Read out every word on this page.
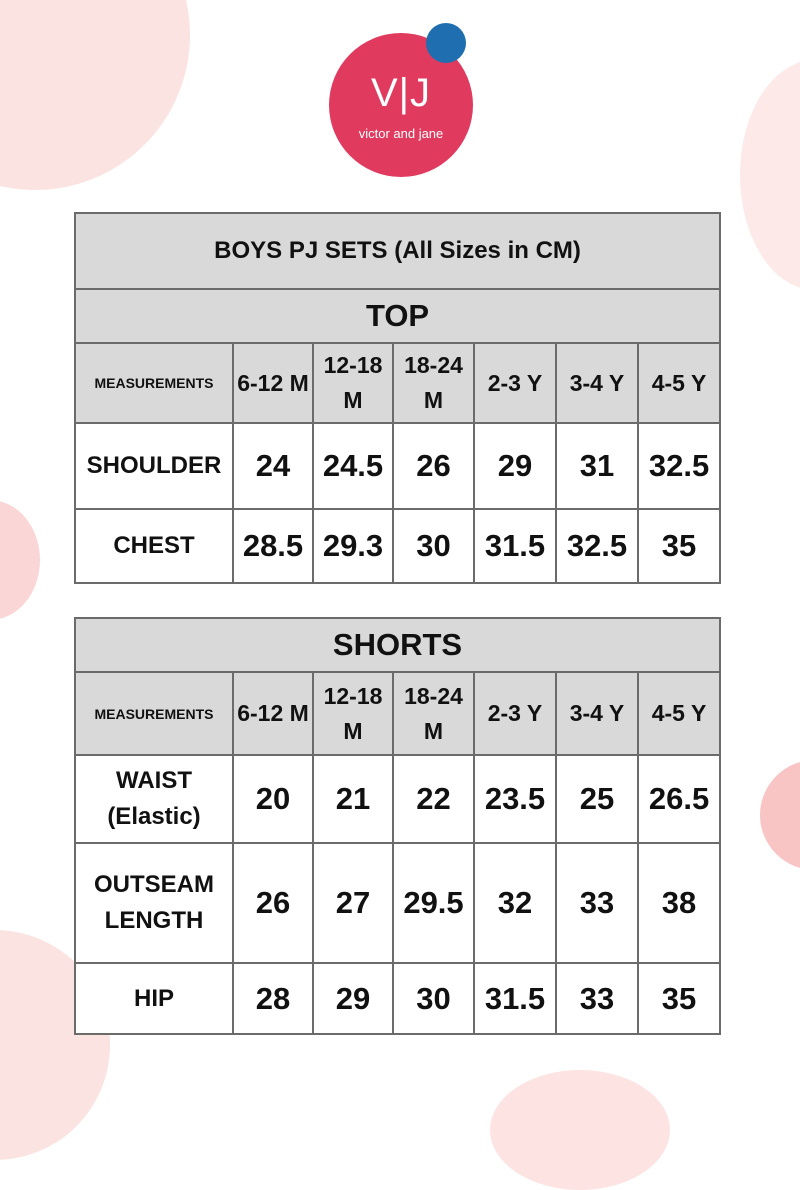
V|J
victor and jane
BOYS PJ SETS (All Sizes in CM)						
TOP						
MEASUREMENTS	6-12 M	12-18 M	18-24 M	2-3 Y	3-4 Y	4-5 Y
SHOULDER	24	24.5	26	29	31	32.5
CHEST	28.5	29.3	30	31.5	32.5	35
SHORTS						
MEASUREMENTS	6-12 M	12-18 M	18-24 M	2-3 Y	3-4 Y	4-5 Y
WAIST (Elastic)	20	21	22	23.5	25	26.5
OUTSEAM LENGTH	26	27	29.5	32	33	38
HIP	28	29	30	31.5	33	35
